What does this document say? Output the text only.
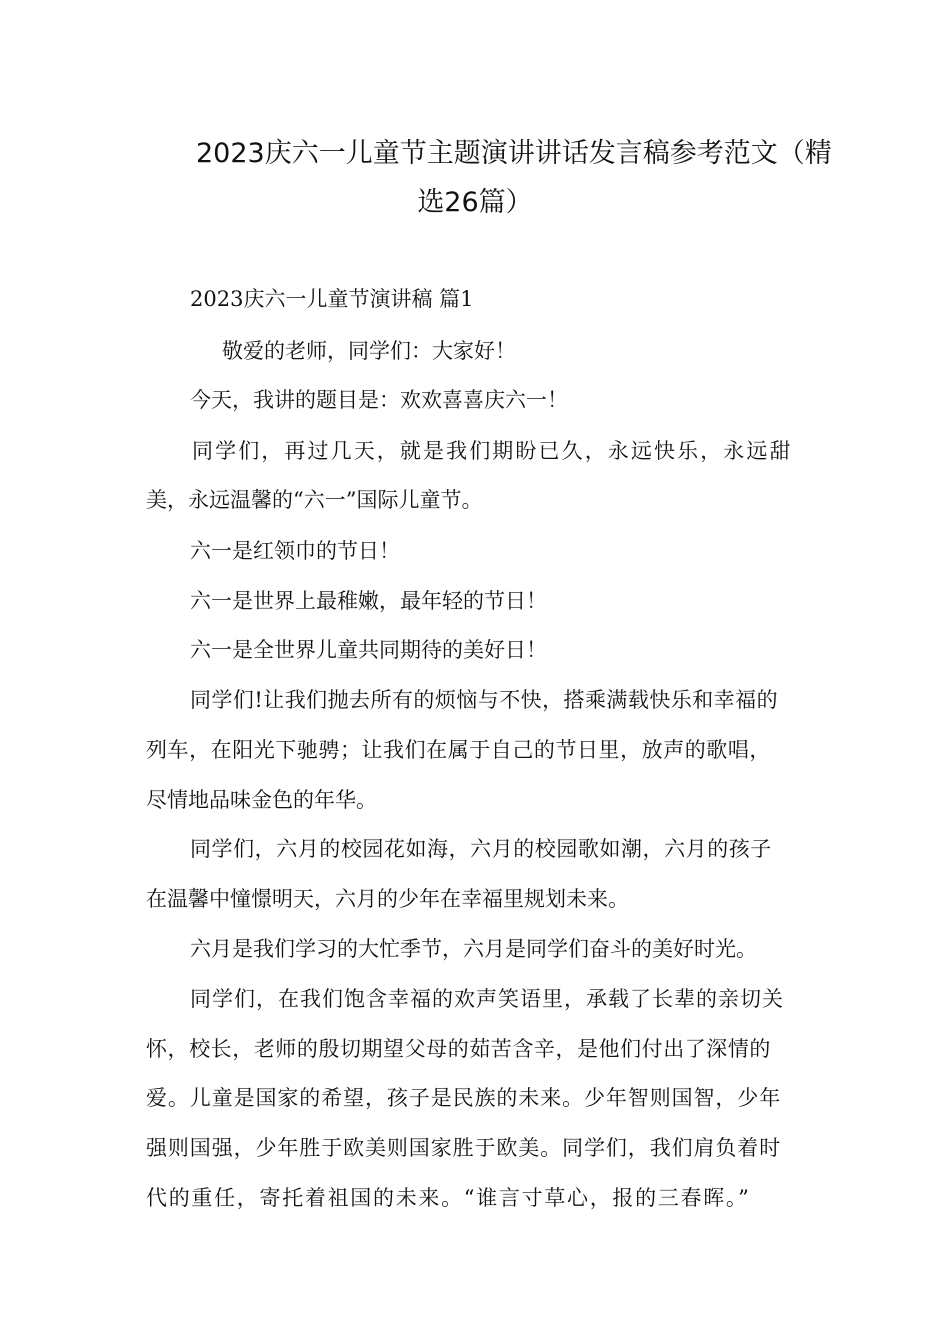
2023庆六一儿童节主题演讲讲话发言稿参考范文（精
选26篇）
2023庆六一儿童节演讲稿 篇1
敬爱的老师，同学们：大家好！
今天，我讲的题目是：欢欢喜喜庆六一！
同学们，再过几天，就是我们期盼已久，永远快乐，永远甜
美，永远温馨的“六一”国际儿童节。
六一是红领巾的节日！
六一是世界上最稚嫩，最年轻的节日！
六一是全世界儿童共同期待的美好日！
同学们!让我们抛去所有的烦恼与不快，搭乘满载快乐和幸福的
列车，在阳光下驰骋；让我们在属于自己的节日里，放声的歌唱，
尽情地品味金色的年华。
同学们，六月的校园花如海，六月的校园歌如潮，六月的孩子
在温馨中憧憬明天，六月的少年在幸福里规划未来。
六月是我们学习的大忙季节，六月是同学们奋斗的美好时光。
同学们，在我们饱含幸福的欢声笑语里，承载了长辈的亲切关
怀，校长，老师的殷切期望父母的茹苦含辛，是他们付出了深情的
爱。儿童是国家的希望，孩子是民族的未来。少年智则国智，少年
强则国强，少年胜于欧美则国家胜于欧美。同学们，我们肩负着时
代的重任，寄托着祖国的未来。“谁言寸草心，报的三春晖。”
